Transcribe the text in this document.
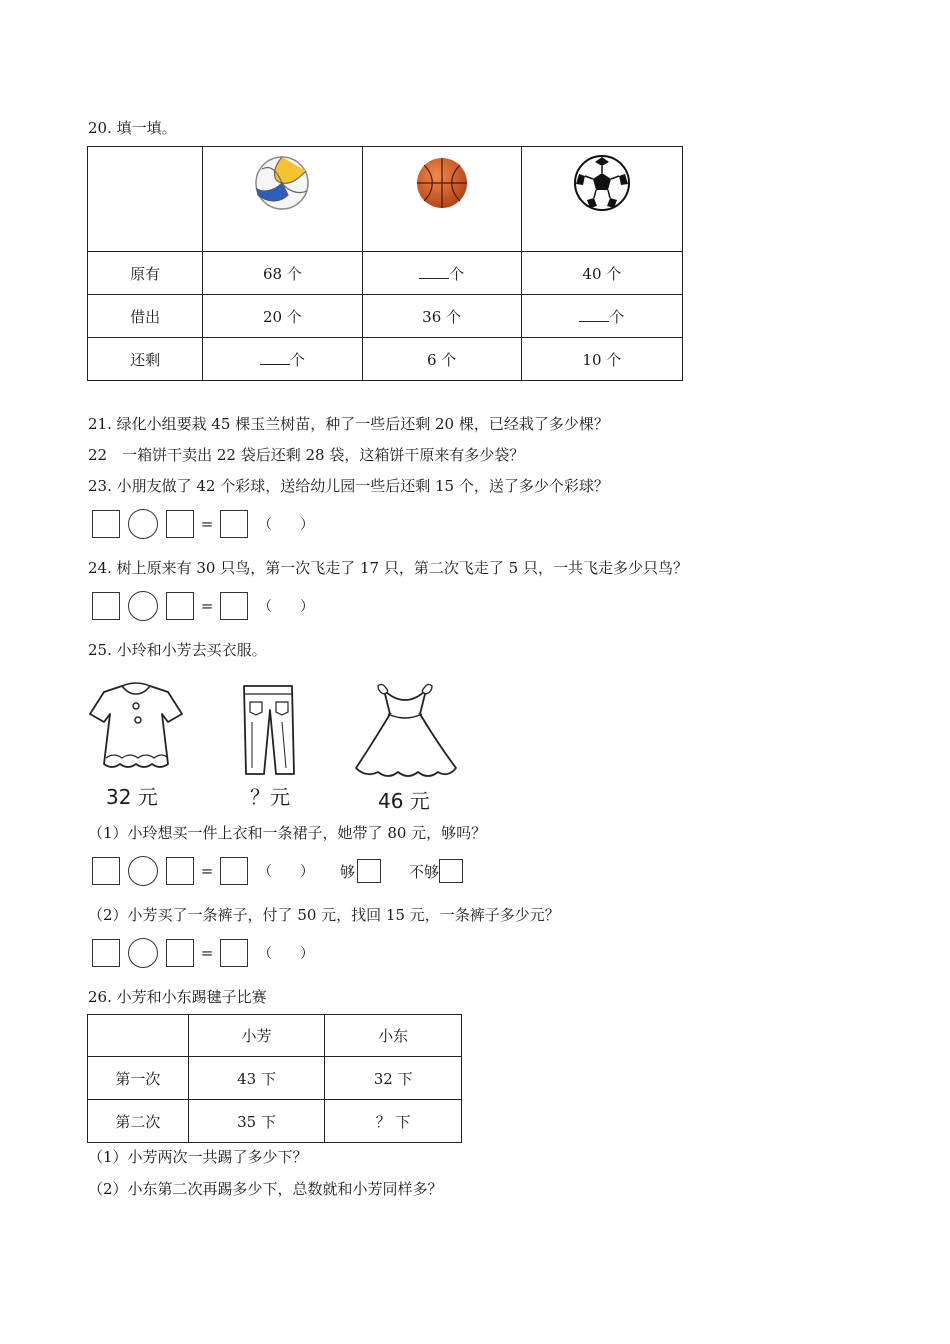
20. 填一填。

原有	68 个	个	40 个
借出	20 个	36 个	个
还剩	个	6 个	10 个
21. 绿化小组要栽 45 棵玉兰树苗，种了一些后还剩 20 棵，已经栽了多少棵？
22　一箱饼干卖出 22 袋后还剩 28 袋，这箱饼干原来有多少袋？
23. 小朋友做了 42 个彩球，送给幼儿园一些后还剩 15 个，送了多少个彩球？
=	（　　）
24. 树上原来有 30 只鸟，第一次飞走了 17 只，第二次飞走了 5 只，一共飞走多少只鸟？
=	（　　）
25. 小玲和小芳去买衣服。
32 元	？元	46 元
（1）小玲想买一件上衣和一条裙子，她带了 80 元，够吗？
=	（　　） 够	不够
（2）小芳买了一条裤子，付了 50 元，找回 15 元，一条裤子多少元？
=	（　　）
26. 小芳和小东踢毽子比赛
	小芳	小东
第一次	43 下	32 下
第二次	35 下	？ 下
（1）小芳两次一共踢了多少下？
（2）小东第二次再踢多少下，总数就和小芳同样多？
